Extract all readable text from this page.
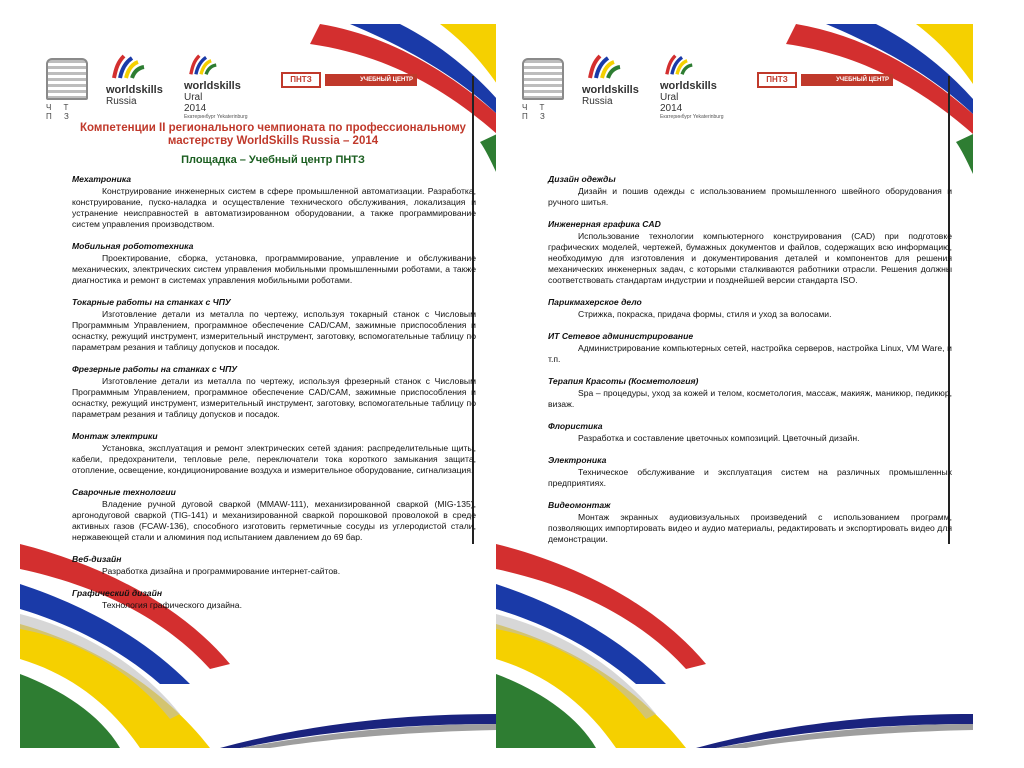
Ч Т П З
worldskills
Russia
worldskills
Ural
2014
Екатеринбург Yekaterinburg
ПНТЗ	УЧЕБНЫЙ ЦЕНТР
Компетенции II регионального чемпионата по профессиональному мастерству WorldSkills Russia – 2014
Площадка – Учебный центр ПНТЗ
Мехатроника
Конструирование инженерных систем в сфере промышленной автоматизации. Разработка, конструирование, пуско-наладка и осуществление технического обслуживания, локализация и устранение неисправностей в автоматизированном оборудовании, а также программирование систем управления производством.
Мобильная робототехника
Проектирование, сборка, установка, программирование, управление и обслуживание механических, электрических систем управления мобильными промышленными роботами, а также диагностика и ремонт в системах управления мобильными роботами.
Токарные работы на станках с ЧПУ
Изготовление детали из металла по чертежу, используя токарный станок с Числовым Программным Управлением, программное обеспечение CAD/CAM, зажимные приспособления и оснастку, режущий инструмент, измерительный инструмент, заготовку, вспомогательные таблицу по параметрам резания и таблицу допусков и посадок.
Фрезерные работы на станках с ЧПУ
Изготовление детали из металла по чертежу, используя фрезерный станок с Числовым Программным Управлением, программное обеспечение CAD/CAM, зажимные приспособления и оснастку, режущий инструмент, измерительный инструмент, заготовку, вспомогательные таблицу по параметрам резания и таблицу допусков и посадок.
Монтаж электрики
Установка, эксплуатация и ремонт электрических сетей здания: распределительные щиты, кабели, предохранители, тепловые реле, переключатели тока короткого замыкания защита, отопление, освещение, кондиционирование воздуха и измерительное оборудование, сигнализация.
Сварочные технологии
Владение ручной дуговой сваркой (MMAW-111), механизированной сваркой (MIG-135), аргонодуговой сваркой (TIG-141) и механизированной сваркой порошковой проволокой в среде активных газов (FCAW-136), способного изготовить герметичные сосуды из углеродистой стали, нержавеющей стали и алюминия под испытанием давлением до 69 бар.
Веб-дизайн
Разработка дизайна и программирование интернет-сайтов.
Графический дизайн
Технология графического дизайна.
Ч Т П З
worldskills
Russia
worldskills
Ural
2014
Екатеринбург Yekaterinburg
ПНТЗ	УЧЕБНЫЙ ЦЕНТР
Дизайн одежды
Дизайн и пошив одежды с использованием промышленного швейного оборудования и ручного шитья.
Инженерная графика CAD
Использование технологии компьютерного конструирования (CAD) при подготовке графических моделей, чертежей, бумажных документов и файлов, содержащих всю информацию, необходимую для изготовления и документирования деталей и компонентов для решения механических инженерных задач, с которыми сталкиваются работники отрасли. Решения должны соответствовать стандартам индустрии и позднейшей версии стандарта ISO.
Парикмахерское дело
Стрижка, покраска, придача формы, стиля и уход за волосами.
ИТ Сетевое администрирование
Администрирование компьютерных сетей, настройка серверов, настройка Linux, VM Ware, и т.п.
Терапия Красоты (Косметология)
Spa – процедуры, уход за кожей и телом, косметология, массаж, макияж, маникюр, педикюр, визаж.
Флористика
Разработка и составление цветочных композиций. Цветочный дизайн.
Электроника
Техническое обслуживание и эксплуатация систем на различных промышленных предприятиях.
Видеомонтаж
Монтаж экранных аудиовизуальных произведений с использованием программ, позволяющих импортировать видео и аудио материалы, редактировать и экспортировать видео для демонстрации.
